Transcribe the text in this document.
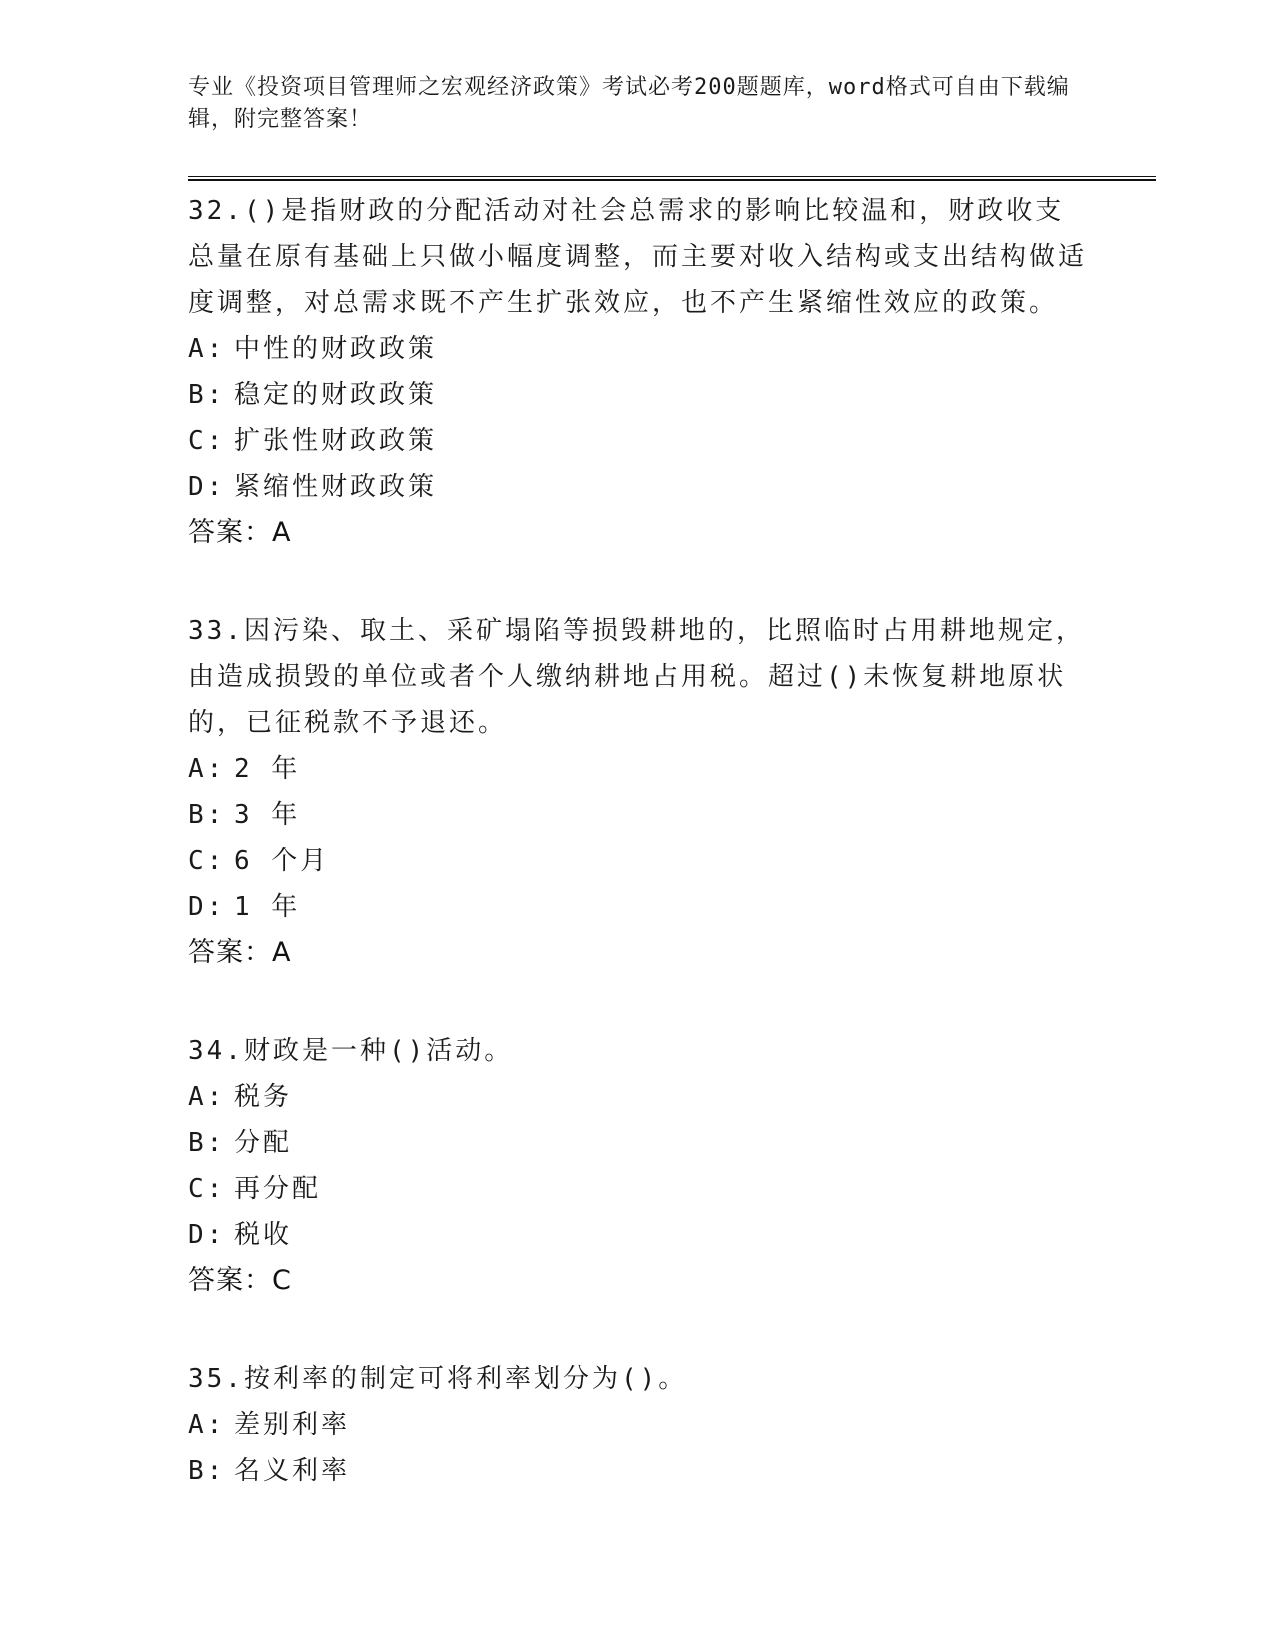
专业《投资项目管理师之宏观经济政策》考试必考200题题库，word格式可自由下载编辑，附完整答案！

32.()是指财政的分配活动对社会总需求的影响比较温和，财政收支总量在原有基础上只做小幅度调整，而主要对收入结构或支出结构做适度调整，对总需求既不产生扩张效应，也不产生紧缩性效应的政策。

A: 中性的财政政策
B: 稳定的财政政策
C: 扩张性财政政策
D: 紧缩性财政政策
答案：A

33.因污染、取土、采矿塌陷等损毁耕地的，比照临时占用耕地规定，由造成损毁的单位或者个人缴纳耕地占用税。超过()未恢复耕地原状的，已征税款不予退还。

A: 2 年
B: 3 年
C: 6 个月
D: 1 年
答案：A

34.财政是一种()活动。

A: 税务
B: 分配
C: 再分配
D: 税收
答案：C

35.按利率的制定可将利率划分为()。

A: 差别利率
B: 名义利率
